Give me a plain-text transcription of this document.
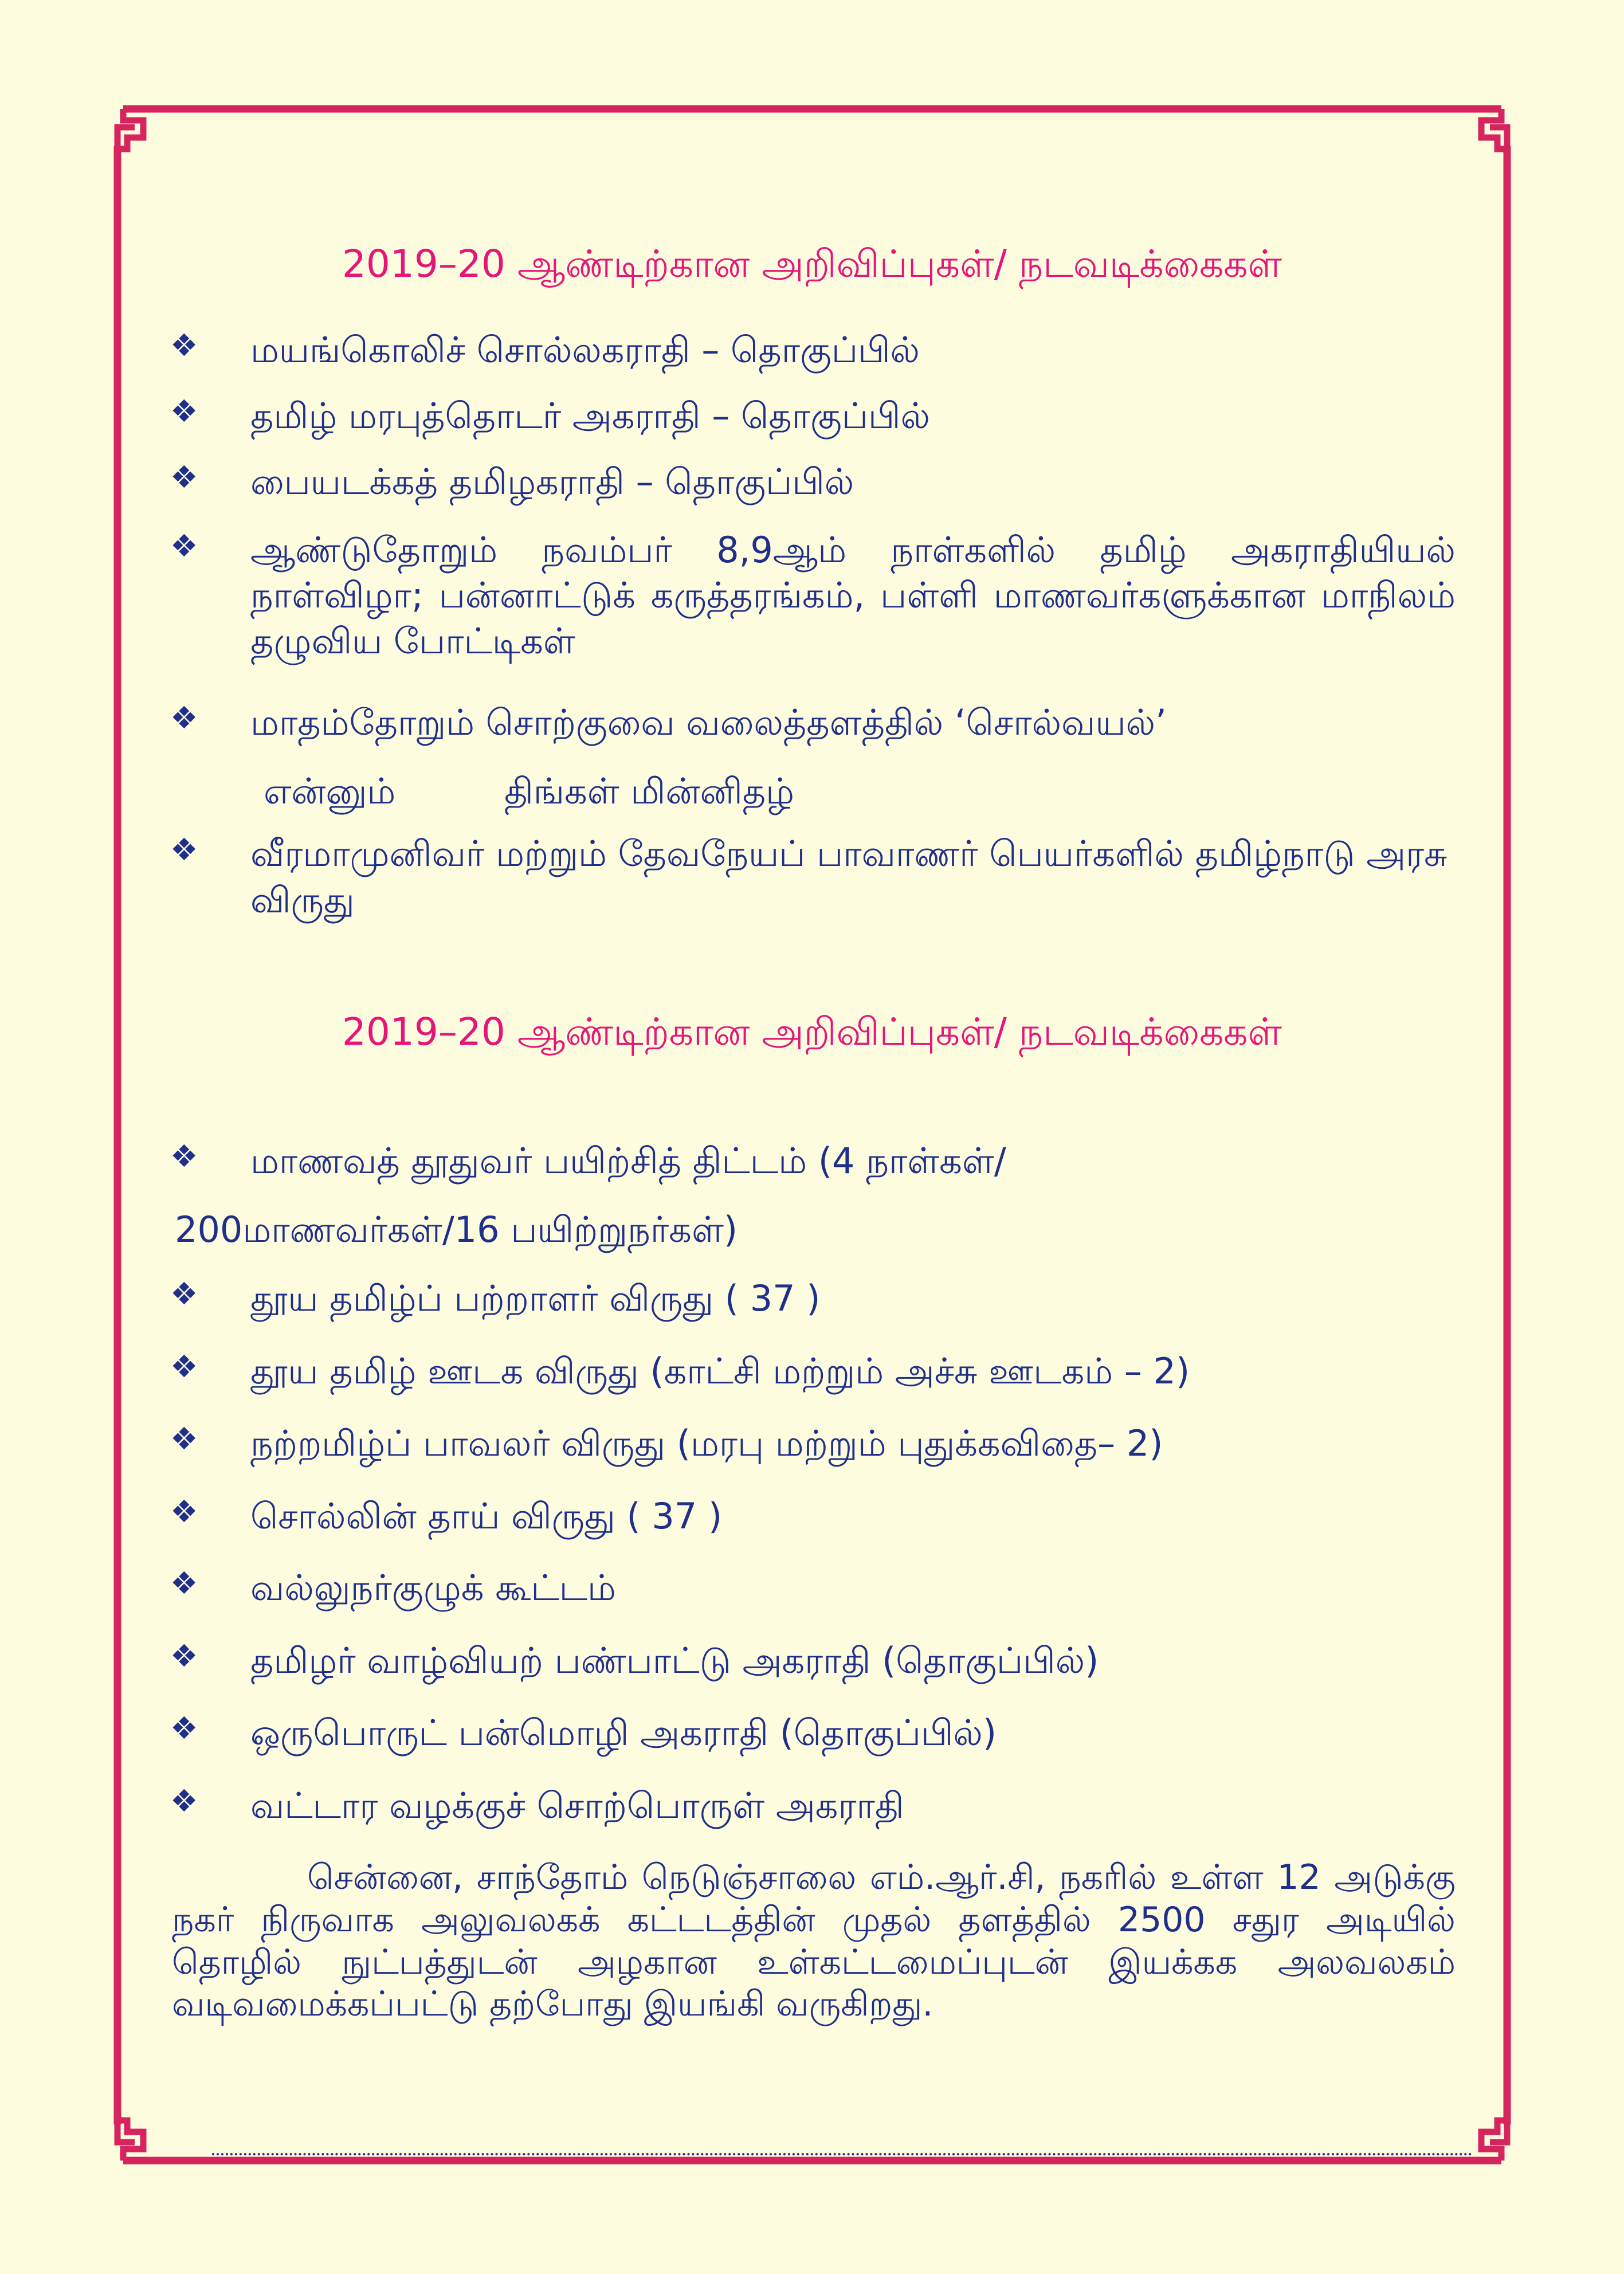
2019–20 ஆண்டிற்கான அறிவிப்புகள்/ நடவடிக்கைகள்
❖ மயங்கொலிச் சொல்லகராதி – தொகுப்பில்
❖ தமிழ் மரபுத்தொடர் அகராதி – தொகுப்பில்
❖ பையடக்கத் தமிழகராதி – தொகுப்பில்
❖ ஆண்டுதோறும் நவம்பர் 8,9ஆம் நாள்களில் தமிழ் அகராதியியல் நாள்விழா; பன்னாட்டுக் கருத்தரங்கம், பள்ளி மாணவர்களுக்கான மாநிலம் தழுவிய போட்டிகள்
❖ மாதம்தோறும் சொற்குவை வலைத்தளத்தில் ‘சொல்வயல்’
என்னும்	திங்கள் மின்னிதழ்
❖ வீரமாமுனிவர் மற்றும் தேவநேயப் பாவாணர் பெயர்களில் தமிழ்நாடு அரசு விருது
2019–20 ஆண்டிற்கான அறிவிப்புகள்/ நடவடிக்கைகள்
❖ மாணவத் தூதுவர் பயிற்சித் திட்டம் (4 நாள்கள்/
200மாணவர்கள்/16 பயிற்றுநர்கள்)
❖ தூய தமிழ்ப் பற்றாளர் விருது ( 37 )
❖ தூய தமிழ் ஊடக விருது (காட்சி மற்றும் அச்சு ஊடகம் – 2)
❖ நற்றமிழ்ப் பாவலர் விருது (மரபு மற்றும் புதுக்கவிதை– 2)
❖ சொல்லின் தாய் விருது ( 37 )
❖ வல்லுநர்குழுக் கூட்டம்
❖ தமிழர் வாழ்வியற் பண்பாட்டு அகராதி (தொகுப்பில்)
❖ ஒருபொருட் பன்மொழி அகராதி (தொகுப்பில்)
❖ வட்டார வழக்குச் சொற்பொருள் அகராதி
சென்னை, சாந்தோம் நெடுஞ்சாலை எம்.ஆர்.சி, நகரில் உள்ள 12 அடுக்கு நகர் நிருவாக அலுவலகக் கட்டடத்தின் முதல் தளத்தில் 2500 சதுர அடியில் தொழில் நுட்பத்துடன் அழகான உள்கட்டமைப்புடன் இயக்கக அலவலகம் வடிவமைக்கப்பட்டு தற்போது இயங்கி வருகிறது.
